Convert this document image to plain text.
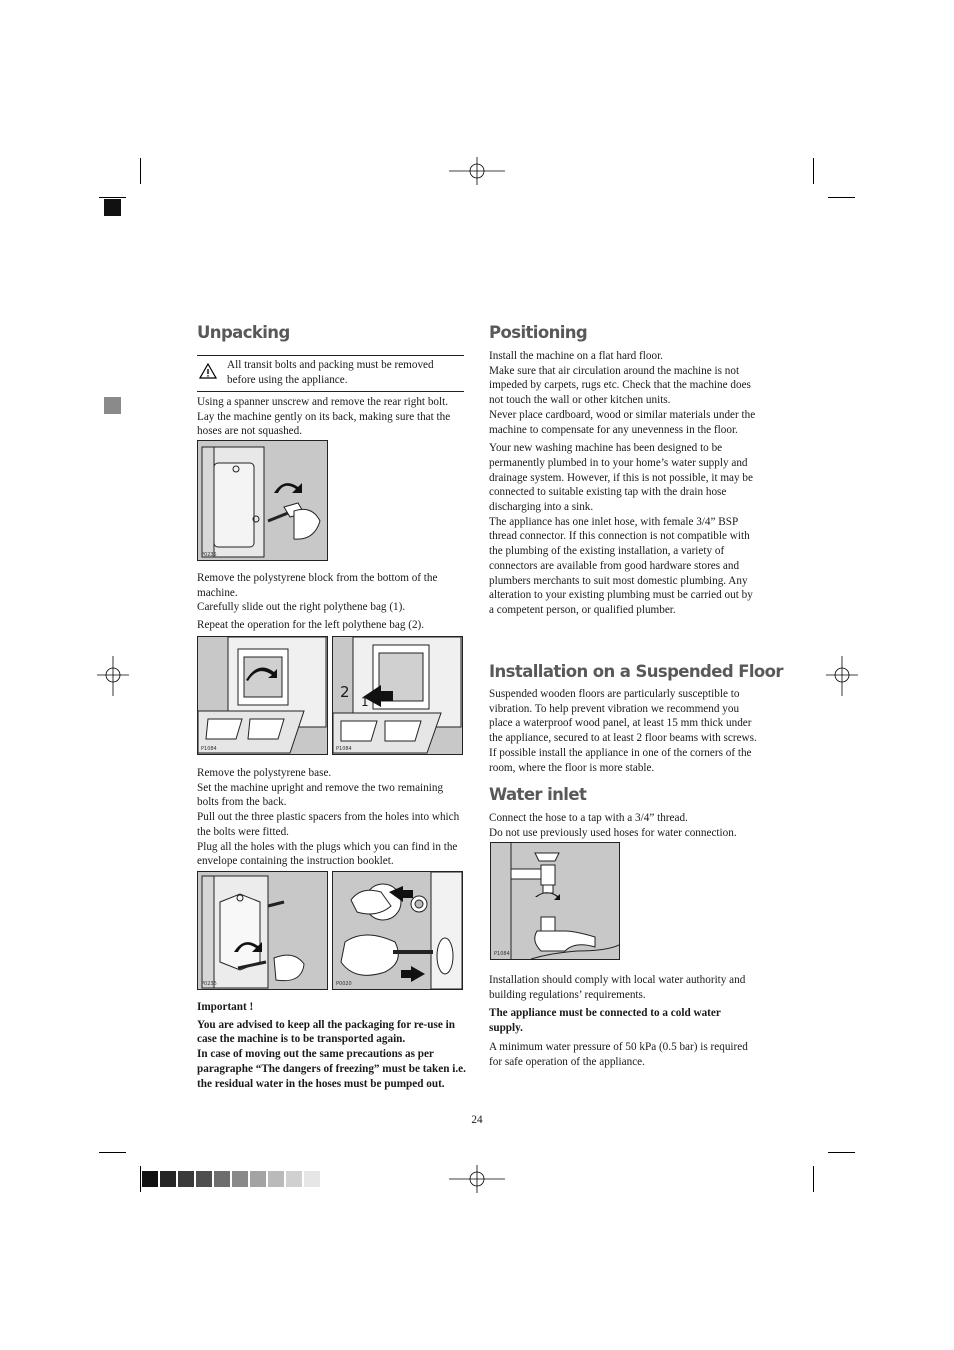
Unpacking

All transit bolts and packing must be removed before using the appliance.

Using a spanner unscrew and remove the rear right bolt. Lay the machine gently on its back, making sure that the hoses are not squashed.

P0235

Remove the polystyrene block from the bottom of the machine.

Carefully slide out the right polythene bag (1).

Repeat the operation for the left polythene bag (2).

P1084
2
1
P1084

Remove the polystyrene base.

Set the machine upright and remove the two remaining bolts from the back.

Pull out the three plastic spacers from the holes into which the bolts were fitted.

Plug all the holes with the plugs which you can find in the envelope containing the instruction booklet.

P0236	P0020

Important !

You are advised to keep all the packaging for re-use in case the machine is to be transported again.

In case of moving out the same precautions as per paragraphe “The dangers of freezing” must be taken i.e. the residual water in the hoses must be pumped out.

Positioning

Install the machine on a flat hard floor.

Make sure that air circulation around the machine is not impeded by carpets, rugs etc. Check that the machine does not touch the wall or other kitchen units.

Never place cardboard, wood or similar materials under the machine to compensate for any unevenness in the floor.

Your new washing machine has been designed to be permanently plumbed in to your home’s water supply and drainage system. However, if this is not possible, it may be connected to suitable existing tap with the drain hose discharging into a sink.

The appliance has one inlet hose, with female 3/4” BSP thread connector. If this connection is not compatible with the plumbing of the existing installation, a variety of connectors are available from good hardware stores and plumbers merchants to suit most domestic plumbing. Any alteration to your existing plumbing must be carried out by a competent person, or qualified plumber.

Installation on a Suspended Floor

Suspended wooden floors are particularly susceptible to vibration. To help prevent vibration we recommend you place a waterproof wood panel, at least 15 mm thick under the appliance, secured to at least 2 floor beams with screws. If possible install the appliance in one of the corners of the room, where the floor is more stable.

Water inlet

Connect the hose to a tap with a 3/4” thread.

Do not use previously used hoses for water connection.

P1084

Installation should comply with local water authority and building regulations’ requirements.

The appliance must be connected to a cold water supply.

A minimum water pressure of 50 kPa (0.5 bar) is required for safe operation of the appliance.

24
